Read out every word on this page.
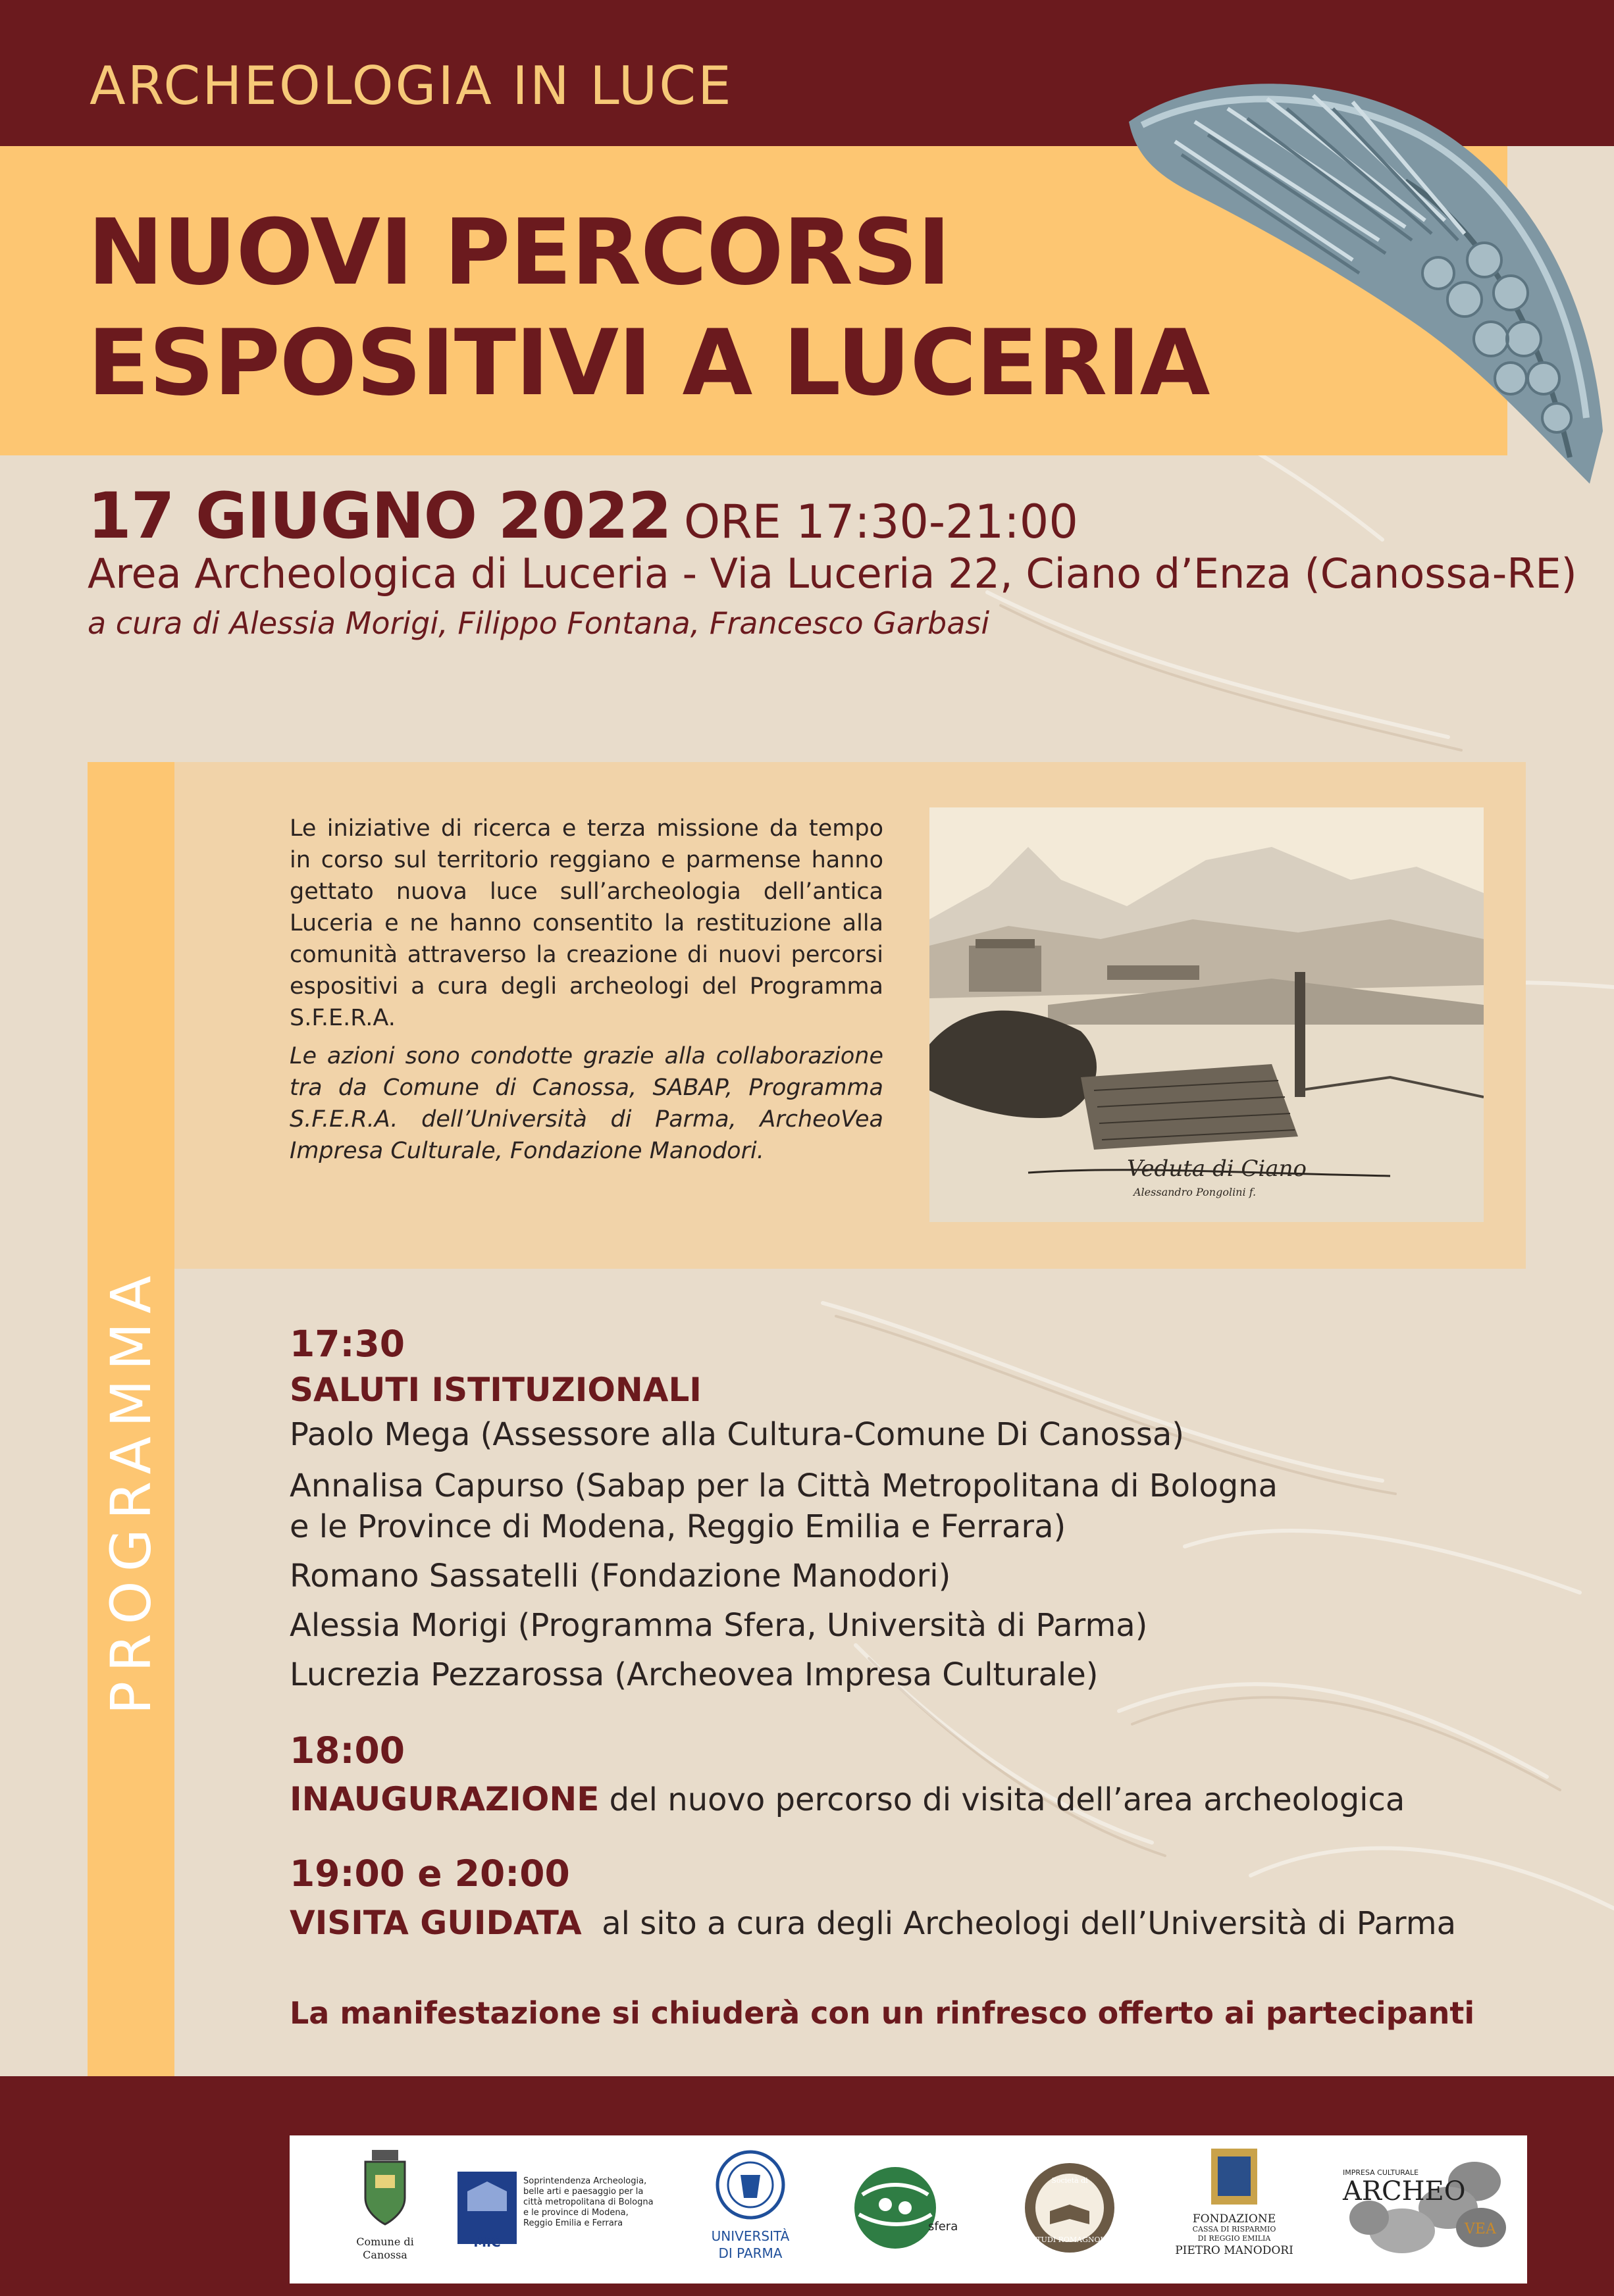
ARCHEOLOGIA IN LUCE
NUOVI PERCORSI
ESPOSITIVI A LUCERIA
17 GIUGNO 2022 ORE 17:30-21:00
Area Archeologica di Luceria - Via Luceria 22, Ciano d’Enza (Canossa-RE)
a cura di Alessia Morigi, Filippo Fontana, Francesco Garbasi
PROGRAMMA

Le iniziative di ricerca e terza missione da tempo in corso sul territorio reggiano e parmense hanno gettato nuova luce sull’archeologia dell’antica Luceria e ne hanno consentito la restituzione alla comunità attraverso la creazione di nuovi percorsi espositivi a cura degli archeologi del Programma S.F.E.R.A.

Le azioni sono condotte grazie alla collaborazione tra da Comune di Canossa, SABAP, Programma S.F.E.R.A. dell’Università di Parma, ArcheoVea Impresa Culturale, Fondazione Manodori.

Veduta di Ciano
Alessandro Pongolini f.
17:30
SALUTI ISTITUZIONALI
Paolo Mega (Assessore alla Cultura-Comune Di Canossa)
Annalisa Capurso (Sabap per la Città Metropolitana di Bologna
e le Province di Modena, Reggio Emilia e Ferrara)
Romano Sassatelli (Fondazione Manodori)
Alessia Morigi (Programma Sfera, Università di Parma)
Lucrezia Pezzarossa (Archeovea Impresa Culturale)
18:00
INAUGURAZIONE del nuovo percorso di visita dell’area archeologica
19:00 e 20:00
VISITA GUIDATA  al sito a cura degli Archeologi dell’Università di Parma
La manifestazione si chiuderà con un rinfresco offerto ai partecipanti
Comune di
Canossa
MiC
Soprintendenza Archeologia,
belle arti e paesaggio per la
città metropolitana di Bologna
e le province di Modena,
Reggio Emilia e Ferrara
UNIVERSITÀ
DI PARMA
sfera
Società di
STUDI ROMAGNOLI
FONDAZIONE
CASSA DI RISPARMIO
DI REGGIO EMILIA
PIETRO MANODORI
IMPRESA CULTURALE
ARCHEO
VEA
